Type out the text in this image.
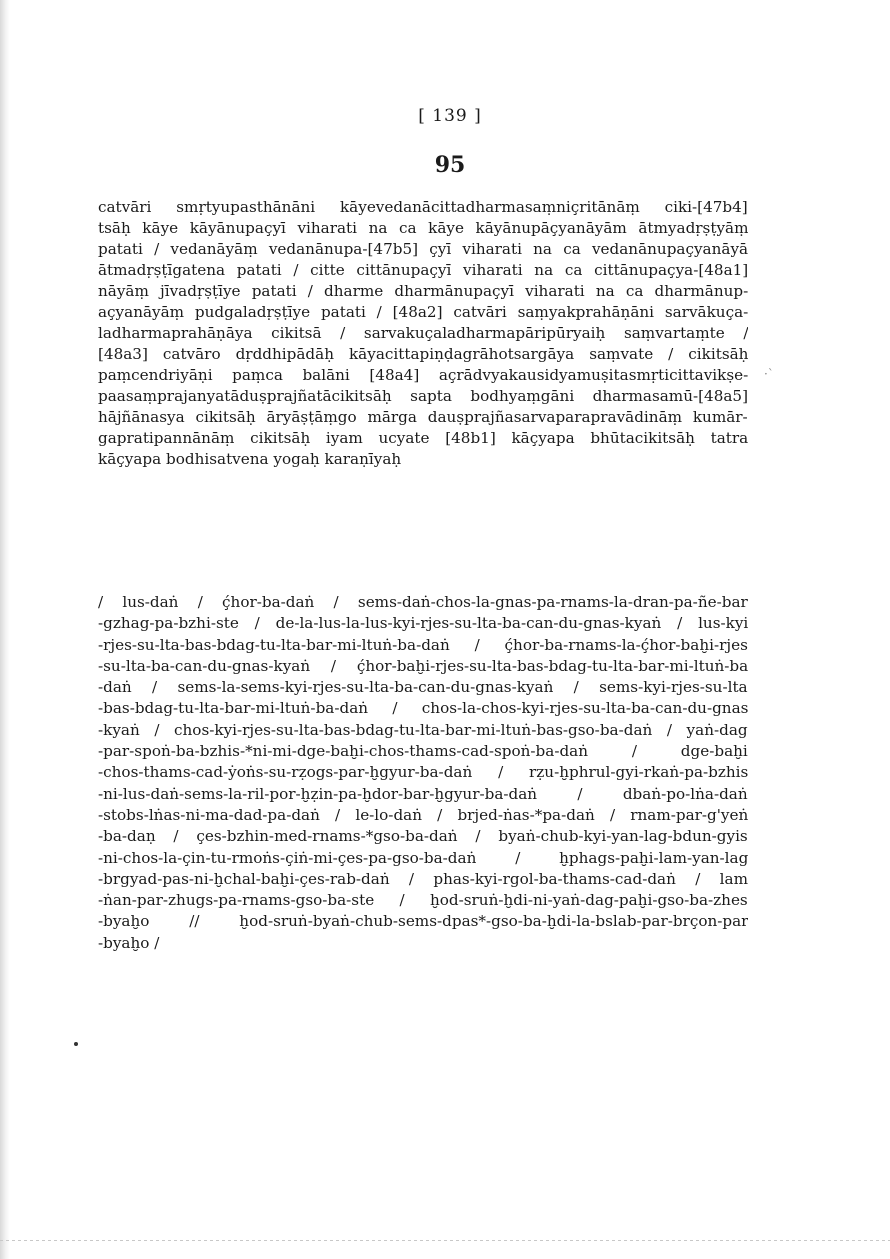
[ 139 ]
95
catvāri smṛtyupasthānāni kāyevedanācittadharmasaṃniçritānāṃ ciki-[47b4]
tsāḥ kāye kāyānupaçyī viharati na ca kāye kāyānupāçyanāyām ātmyadṛṣṭyāṃ
patati / vedanāyāṃ vedanānupa-[47b5] çyī viharati na ca vedanānupaçyanāyā
ātmadṛṣṭīgatena patati / citte cittānupaçyī viharati na ca cittānupaçya-[48a1]
nāyāṃ jīvadṛṣṭīye patati / dharme dharmānupaçyī viharati na ca dharmānup-
açyanāyāṃ pudgaladṛṣṭīye patati / [48a2] catvāri saṃyakprahāṇāni sarvākuça-
ladharmaprahāṇāya cikitsā / sarvakuçaladharmapāripūryaiḥ saṃvartaṃte /
[48a3] catvāro dṛddhipādāḥ kāyacittapiṇḍagrāhotsargāya saṃvate / cikitsāḥ
paṃcendriyāṇi paṃca balāni [48a4] açrādvyakausidyamuṣitasmṛticittavikṣe-
paasaṃprajanyatāduṣprajñatācikitsāḥ sapta bodhyaṃgāni dharmasamū-[48a5]
hājñānasya cikitsāḥ āryāṣṭāṃgo mārga dauṣprajñasarvaparapravādināṃ kumār-
gapratipannānāṃ cikitsāḥ iyam ucyate [48b1] kāçyapa bhūtacikitsāḥ tatra
kāçyapa bodhisatvena yogaḥ karaṇīyaḥ
/ lus-daṅ / ḉhor-ba-daṅ / sems-daṅ-chos-la-gnas-pa-rnams-la-dran-pa-ñe-bar
-gzhag-pa-bzhi-ste / de-la-lus-la-lus-kyi-rjes-su-lta-ba-can-du-gnas-kyaṅ / lus-kyi
-rjes-su-lta-bas-bdag-tu-lta-bar-mi-ltuṅ-ba-daṅ / ḉhor-ba-rnams-la-ḉhor-baḫi-rjes
-su-lta-ba-can-du-gnas-kyaṅ / ḉhor-baḫi-rjes-su-lta-bas-bdag-tu-lta-bar-mi-ltuṅ-ba
-daṅ / sems-la-sems-kyi-rjes-su-lta-ba-can-du-gnas-kyaṅ / sems-kyi-rjes-su-lta
-bas-bdag-tu-lta-bar-mi-ltuṅ-ba-daṅ / chos-la-chos-kyi-rjes-su-lta-ba-can-du-gnas
-kyaṅ / chos-kyi-rjes-su-lta-bas-bdag-tu-lta-bar-mi-ltuṅ-bas-gso-ba-daṅ / yaṅ-dag
-par-spoṅ-ba-bzhis-*ni-mi-dge-baḫi-chos-thams-cad-spoṅ-ba-daṅ / dge-baḫi
-chos-thams-cad-ẏoṅs-su-rẓogs-par-ḫgyur-ba-daṅ / rẓu-ḫphrul-gyi-rkaṅ-pa-bzhis
-ni-lus-daṅ-sems-la-ril-por-ḫẓin-pa-ḫdor-bar-ḫgyur-ba-daṅ / dbaṅ-po-lṅa-daṅ
-stobs-lṅas-ni-ma-dad-pa-daṅ / le-lo-daṅ / brjed-ṅas-*pa-daṅ / rnam-par-g'yeṅ
-ba-daṇ / çes-bzhin-med-rnams-*gso-ba-daṅ / byaṅ-chub-kyi-yan-lag-bdun-gyis
-ni-chos-la-çin-tu-rmoṅs-çiṅ-mi-çes-pa-gso-ba-daṅ / ḫphags-paḫi-lam-yan-lag
-brgyad-pas-ni-ḫchal-baḫi-çes-rab-daṅ / phas-kyi-rgol-ba-thams-cad-daṅ / lam
-ṅan-par-zhugs-pa-rnams-gso-ba-ste / ḫod-sruṅ-ḫdi-ni-yaṅ-dag-paḫi-gso-ba-zhes
-byaḫo // ḫod-sruṅ-byaṅ-chub-sems-dpas*-gso-ba-ḫdi-la-bslab-par-brçon-par
-byaḫo /
·ˋ
